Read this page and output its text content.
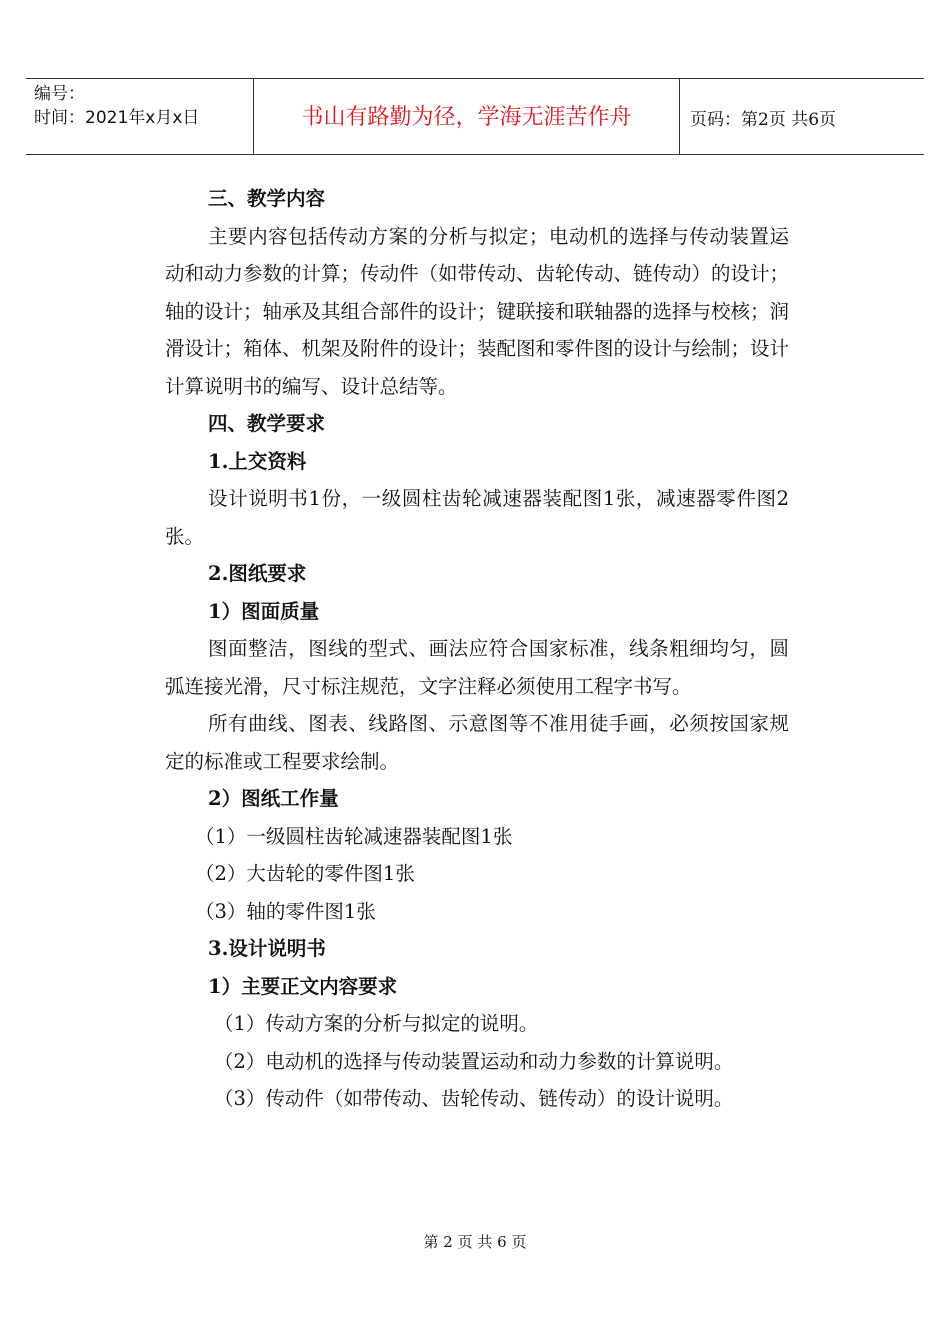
编号：
时间：2021年x月x日	书山有路勤为径，学海无涯苦作舟	页码：第2页 共6页

三、教学内容

主要内容包括传动方案的分析与拟定；电动机的选择与传动装置运动和动力参数的计算；传动件（如带传动、齿轮传动、链传动）的设计；轴的设计；轴承及其组合部件的设计；键联接和联轴器的选择与校核；润滑设计；箱体、机架及附件的设计；装配图和零件图的设计与绘制；设计计算说明书的编写、设计总结等。

四、教学要求

1.上交资料

设计说明书1份，一级圆柱齿轮减速器装配图1张，减速器零件图2张。

2.图纸要求

1）图面质量

图面整洁，图线的型式、画法应符合国家标准，线条粗细均匀，圆弧连接光滑，尺寸标注规范，文字注释必须使用工程字书写。

所有曲线、图表、线路图、示意图等不准用徒手画，必须按国家规定的标准或工程要求绘制。

2）图纸工作量

（1）一级圆柱齿轮减速器装配图1张

（2）大齿轮的零件图1张

（3）轴的零件图1张

3.设计说明书

1）主要正文内容要求

（1）传动方案的分析与拟定的说明。

（2）电动机的选择与传动装置运动和动力参数的计算说明。

（3）传动件（如带传动、齿轮传动、链传动）的设计说明。

第 2 页 共 6 页
